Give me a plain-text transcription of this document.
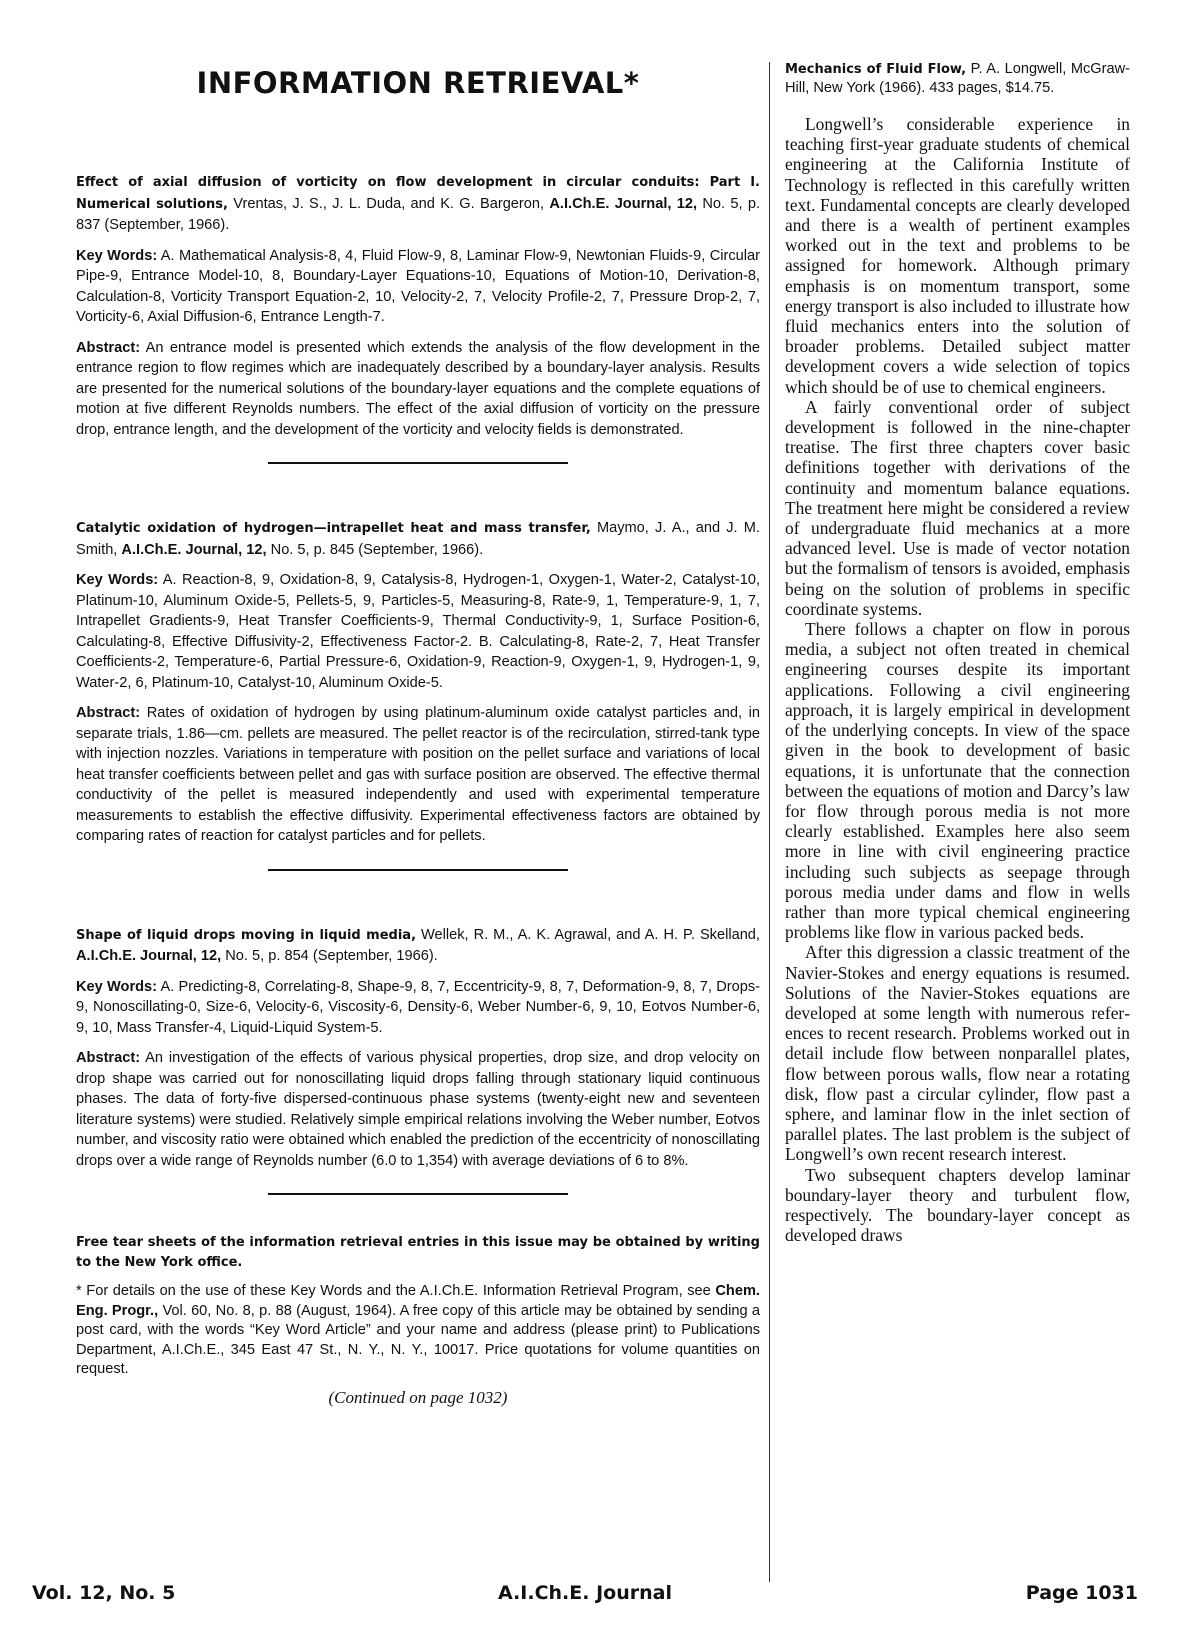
INFORMATION RETRIEVAL*

Effect of axial diffusion of vorticity on flow development in circular conduits: Part I. Numerical solutions, Vrentas, J. S., J. L. Duda, and K. G. Bargeron, A.I.Ch.E. Journal, 12, No. 5, p. 837 (September, 1966).

Key Words: A. Mathematical Analysis-8, 4, Fluid Flow-9, 8, Laminar Flow-9, Newtonian Fluids-9, Circular Pipe-9, Entrance Model-10, 8, Boundary-Layer Equations-10, Equations of Motion-10, Derivation-8, Calculation-8, Vorticity Transport Equation-2, 10, Velocity-2, 7, Velocity Profile-2, 7, Pressure Drop-2, 7, Vorticity-6, Axial Diffusion-6, Entrance Length-7.

Abstract: An entrance model is presented which extends the analysis of the flow development in the entrance region to flow regimes which are inadequately described by a boundary-layer analysis. Results are presented for the numerical solutions of the boundary-layer equations and the complete equations of motion at five different Reynolds numbers. The effect of the axial diffusion of vorticity on the pressure drop, entrance length, and the development of the vorticity and velocity fields is demonstrated.

Catalytic oxidation of hydrogen—intrapellet heat and mass transfer, Maymo, J. A., and J. M. Smith, A.I.Ch.E. Journal, 12, No. 5, p. 845 (September, 1966).

Key Words: A. Reaction-8, 9, Oxidation-8, 9, Catalysis-8, Hydrogen-1, Oxygen-1, Water-2, Catalyst-10, Platinum-10, Aluminum Oxide-5, Pellets-5, 9, Particles-5, Measuring-8, Rate-9, 1, Temperature-9, 1, 7, Intrapellet Gradients-9, Heat Transfer Coefficients-9, Thermal Conductivity-9, 1, Surface Position-6, Calculating-8, Effective Diffusivity-2, Effectiveness Factor-2. B. Calculating-8, Rate-2, 7, Heat Transfer Coefficients-2, Temperature-6, Partial Pressure-6, Oxidation-9, Reaction-9, Oxygen-1, 9, Hydrogen-1, 9, Water-2, 6, Platinum-10, Catalyst-10, Aluminum Oxide-5.

Abstract: Rates of oxidation of hydrogen by using platinum-aluminum oxide catalyst particles and, in separate trials, 1.86—cm. pellets are measured. The pellet reactor is of the recirculation, stirred-tank type with injection nozzles. Variations in temperature with position on the pellet surface and variations of local heat transfer coefficients between pellet and gas with surface position are observed. The effective thermal conductivity of the pellet is measured independently and used with experimental temperature measurements to establish the effective diffusivity. Experimental effectiveness factors are obtained by comparing rates of reaction for catalyst particles and for pellets.

Shape of liquid drops moving in liquid media, Wellek, R. M., A. K. Agrawal, and A. H. P. Skelland, A.I.Ch.E. Journal, 12, No. 5, p. 854 (September, 1966).

Key Words: A. Predicting-8, Correlating-8, Shape-9, 8, 7, Eccentricity-9, 8, 7, Deformation-9, 8, 7, Drops-9, Nonoscillating-0, Size-6, Velocity-6, Viscosity-6, Density-6, Weber Number-6, 9, 10, Eotvos Number-6, 9, 10, Mass Transfer-4, Liquid-Liquid System-5.

Abstract: An investigation of the effects of various physical properties, drop size, and drop velocity on drop shape was carried out for nonoscillating liquid drops falling through stationary liquid continuous phases. The data of forty-five dispersed-continuous phase systems (twenty-eight new and seventeen literature systems) were studied. Relatively simple empirical relations involving the Weber number, Eotvos number, and viscosity ratio were obtained which enabled the prediction of the eccentricity of nonoscillating drops over a wide range of Reynolds number (6.0 to 1,354) with average deviations of 6 to 8%.

Free tear sheets of the information retrieval entries in this issue may be obtained by writing to the New York office.

* For details on the use of these Key Words and the A.I.Ch.E. Information Retrieval Program, see Chem. Eng. Progr., Vol. 60, No. 8, p. 88 (August, 1964). A free copy of this article may be obtained by sending a post card, with the words “Key Word Article” and your name and address (please print) to Publications Department, A.I.Ch.E., 345 East 47 St., N. Y., N. Y., 10017. Price quotations for volume quantities on request.

(Continued on page 1032)

Mechanics of Fluid Flow, P. A. Longwell, McGraw-Hill, New York (1966). 433 pages, $14.75.

Longwell’s considerable experience in teaching first-year graduate students of chemical engineering at the California Institute of Technology is reflected in this carefully written text. Fundamental concepts are clearly developed and there is a wealth of pertinent examples worked out in the text and problems to be assigned for homework. Although primary emphasis is on momentum transport, some energy transport is also included to illustrate how fluid mechanics enters into the solution of broader problems. Detailed subject matter development covers a wide selection of topics which should be of use to chemical engineers.

A fairly conventional order of subject development is followed in the nine-chapter treatise. The first three chapters cover basic definitions together with derivations of the continuity and momentum balance equations. The treatment here might be considered a review of undergraduate fluid mechanics at a more advanced level. Use is made of vector notation but the formalism of tensors is avoided, emphasis being on the solution of problems in specific coordinate systems.

There follows a chapter on flow in porous media, a subject not often treated in chemical engineering courses despite its important applications. Following a civil engineering approach, it is largely empirical in development of the underlying concepts. In view of the space given in the book to development of basic equations, it is unfortunate that the connection between the equations of motion and Darcy’s law for flow through porous media is not more clearly established. Examples here also seem more in line with civil engineering practice including such subjects as seepage through porous media under dams and flow in wells rather than more typical chemical engineering problems like flow in various packed beds.

After this digression a classic treatment of the Navier-Stokes and energy equations is resumed. Solutions of the Navier-Stokes equations are developed at some length with numerous references to recent research. Problems worked out in detail include flow between nonparallel plates, flow between porous walls, flow near a rotating disk, flow past a circular cylinder, flow past a sphere, and laminar flow in the inlet section of parallel plates. The last problem is the subject of Longwell’s own recent research interest.

Two subsequent chapters develop laminar boundary-layer theory and turbulent flow, respectively. The boundary-layer concept as developed draws

Vol. 12, No. 5	A.I.Ch.E. Journal	Page 1031
